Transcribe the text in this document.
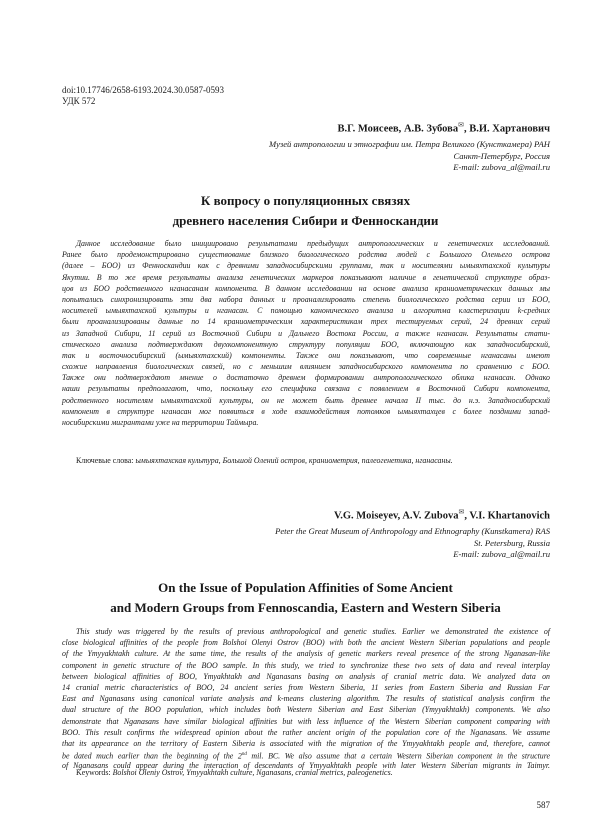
doi:10.17746/2658-6193.2024.30.0587-0593
УДК 572
В.Г. Моисеев, А.В. Зубова✉, В.И. Хартанович
Музей антропологии и этнографии им. Петра Великого (Кунсткамера) РАН
Санкт-Петербург, Россия
E-mail: zubova_al@mail.ru
К вопросу о популяционных связях
древнего населения Сибири и Фенноскандии
Данное исследование было инициировано результатами предыдущих антропологических и генетических исследований.
Ранее было продемонстрировано существование близкого биологического родства людей с Большого Оленьего острова
(далее – БОО) из Фенноскандии как с древними западносибирскими группами, так и носителями ымыяхтахской культуры
Якутии. В то же время результаты анализа генетических маркеров показывают наличие в генетической структуре образ-
цов из БОО родственного нганасанам компонента. В данном исследовании на основе анализа краниометрических данных мы
попытались синхронизировать эти два набора данных и проанализировать степень биологического родства серии из БОО,
носителей ымыяхтахской культуры и нганасан. С помощью канонического анализа и алгоритма кластеризации k-средних
были проанализированы данные по 14 краниометрическим характеристикам трех тестируемых серий, 24 древних серий
из Западной Сибири, 11 серий из Восточной Сибири и Дальнего Востока России, а также нганасан. Результаты стати-
стического анализа подтверждают двухкомпонентную структуру популяции БОО, включающую как западносибирский,
так и восточносибирский (ымыяхтахский) компоненты. Также они показывают, что современные нганасаны имеют
схожие направления биологических связей, но с меньшим влиянием западносибирского компонента по сравнению с БОО.
Также они подтверждают мнение о достаточно древнем формировании антропологического облика нганасан. Однако
наши результаты предполагают, что, поскольку его специфика связана с появлением в Восточной Сибири компонента,
родственного носителям ымыяхтахской культуры, он не может быть древнее начала II тыс. до н.э. Западносибирский
компонент в структуре нганасан мог появиться в ходе взаимодействия потомков ымыяхтахцев с более поздними запад-
носибирскими мигрантами уже на территории Таймыра.
Ключевые слова: ымыяхтахская культура, Большой Олений остров, краниометрия, палеогенетика, нганасаны.
V.G. Moiseyev, A.V. Zubova✉, V.I. Khartanovich
Peter the Great Museum of Anthropology and Ethnography (Kunstkamera) RAS
St. Petersburg, Russia
E-mail: zubova_al@mail.ru
On the Issue of Population Affinities of Some Ancient
and Modern Groups from Fennoscandia, Eastern and Western Siberia
This study was triggered by the results of previous anthropological and genetic studies. Earlier we demonstrated the existence of
close biological affinities of the people from Bolshoi Olenyi Ostrov (BOO) with both the ancient Western Siberian populations and people
of the Ymyyakhtakh culture. At the same time, the results of the analysis of genetic markers reveal presence of the strong Nganasan-like
component in genetic structure of the BOO sample. In this study, we tried to synchronize these two sets of data and reveal interplay
between biological affinities of BOO, Ymyakhtakh and Nganasans basing on analysis of cranial metric data. We analyzed data on
14 cranial metric characteristics of BOO, 24 ancient series from Western Siberia, 11 series from Eastern Siberia and Russian Far
East and Nganasans using canonical variate analysis and k-means clustering algorithm. The results of statistical analysis confirm the
dual structure of the BOO population, which includes both Western Siberian and East Siberian (Ymyyakhtakh) components. We also
demonstrate that Nganasans have similar biological affinities but with less influence of the Western Siberian component comparing with
BOO. This result confirms the widespread opinion about the rather ancient origin of the population core of the Nganasans. We assume
that its appearance on the territory of Eastern Siberia is associated with the migration of the Ymyyakhtakh people and, therefore, cannot
be dated much earlier than the beginning of the 2nd mil. BC. We also assume that a certain Western Siberian component in the structure
of Nganasans could appear during the interaction of descendants of Ymyyakhtakh people with later Western Siberian migrants in Taimyr.
Keywords: Bolshoi Oleniy Ostrov, Ymyyakhtakh culture, Nganasans, cranial metrics, paleogenetics.
587
